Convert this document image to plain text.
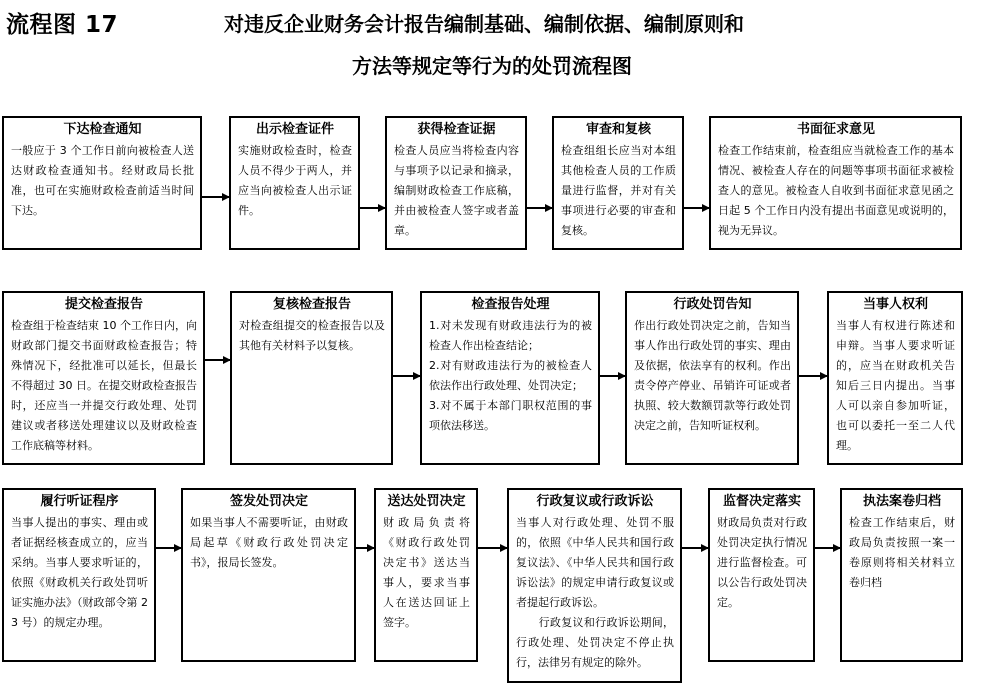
流程图 17	对违反企业财务会计报告编制基础、编制依据、编制原则和
方法等规定等行为的处罚流程图
下达检查通知
一般应于 3 个工作日前向被检查人送达财政检查通知书。经财政局长批准，也可在实施财政检查前适当时间下达。
出示检查证件
实施财政检查时，检查人员不得少于两人，并应当向被检查人出示证件。
获得检查证据
检查人员应当将检查内容与事项予以记录和摘录，编制财政检查工作底稿，并由被检查人签字或者盖章。
审查和复核
检查组组长应当对本组其他检查人员的工作质量进行监督，并对有关事项进行必要的审查和复核。
书面征求意见
检查工作结束前，检查组应当就检查工作的基本情况、被检查人存在的问题等事项书面征求被检查人的意见。被检查人自收到书面征求意见函之日起 5 个工作日内没有提出书面意见或说明的，视为无异议。
提交检查报告
检查组于检查结束 10 个工作日内，向财政部门提交书面财政检查报告；特殊情况下，经批准可以延长，但最长不得超过 30 日。在提交财政检查报告时，还应当一并提交行政处理、处罚建议或者移送处理建议以及财政检查工作底稿等材料。
复核检查报告
对检查组提交的检查报告以及其他有关材料予以复核。
检查报告处理
1.对未发现有财政违法行为的被检查人作出检查结论；
2.对有财政违法行为的被检查人依法作出行政处理、处罚决定；
3.对不属于本部门职权范围的事项依法移送。
行政处罚告知
作出行政处罚决定之前，告知当事人作出行政处罚的事实、理由及依据，依法享有的权利。作出责令停产停业、吊销许可证或者执照、较大数额罚款等行政处罚决定之前，告知听证权利。
当事人权利
当事人有权进行陈述和申辩。当事人要求听证的，应当在财政机关告知后三日内提出。当事人可以亲自参加听证，也可以委托一至二人代理。
履行听证程序
当事人提出的事实、理由或者证据经核查成立的，应当采纳。当事人要求听证的，依照《财政机关行政处罚听证实施办法》（财政部令第 23 号）的规定办理。
签发处罚决定
如果当事人不需要听证，由财政局起草《财政行政处罚决定书》，报局长签发。
送达处罚决定
财政局负责将《财政行政处罚决定书》送达当事人，要求当事人在送达回证上签字。
行政复议或行政诉讼
当事人对行政处理、处罚不服的，依照《中华人民共和国行政复议法》、《中华人民共和国行政诉讼法》的规定申请行政复议或者提起行政诉讼。
　　行政复议和行政诉讼期间，行政处理、处罚决定不停止执行，法律另有规定的除外。
监督决定落实
财政局负责对行政处罚决定执行情况进行监督检查。可以公告行政处罚决定。
执法案卷归档
检查工作结束后，财政局负责按照一案一卷原则将相关材料立卷归档
